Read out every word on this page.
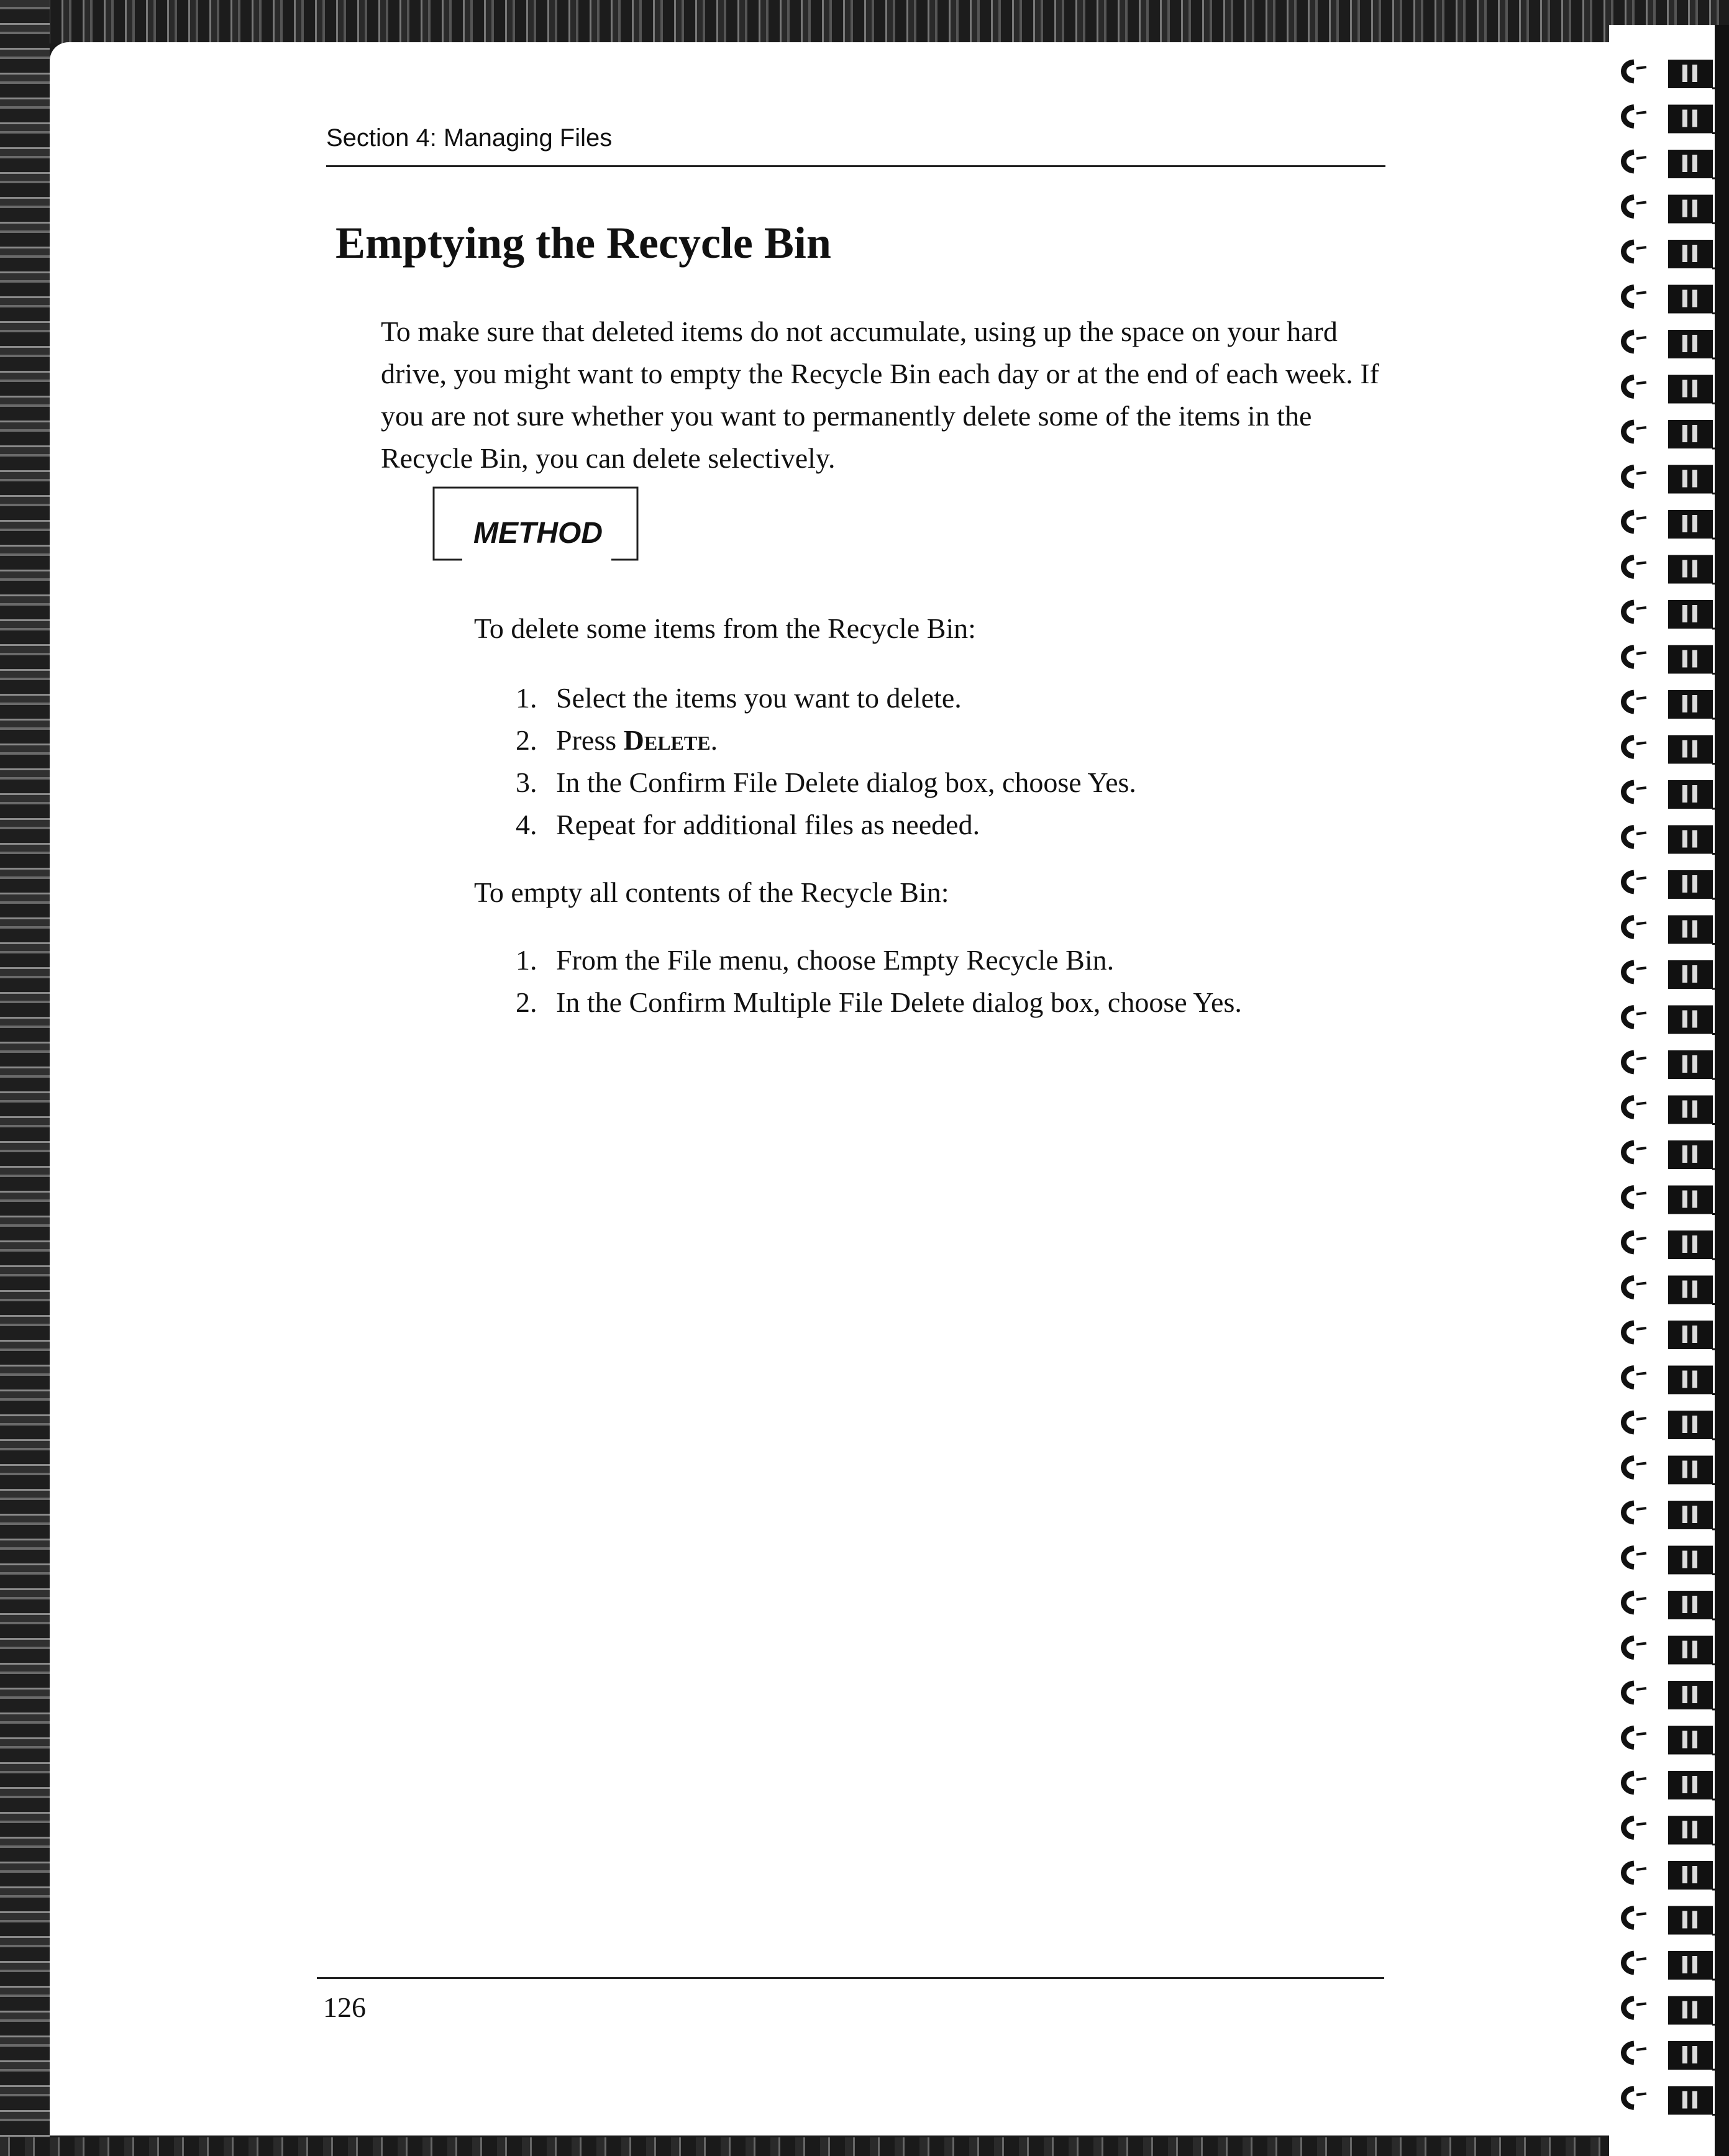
Section 4: Managing Files
Emptying the Recycle Bin

To make sure that deleted items do not accumulate, using up the space on your hard drive, you might want to empty the Recycle Bin each day or at the end of each week. If you are not sure whether you want to permanently delete some of the items in the Recycle Bin, you can delete selectively.

METHOD

To delete some items from the Recycle Bin:

1. Select the items you want to delete.
2. Press Delete.
3. In the Confirm File Delete dialog box, choose Yes.
4. Repeat for additional files as needed.

To empty all contents of the Recycle Bin:

1. From the File menu, choose Empty Recycle Bin.
2. In the Confirm Multiple File Delete dialog box, choose Yes.
126
